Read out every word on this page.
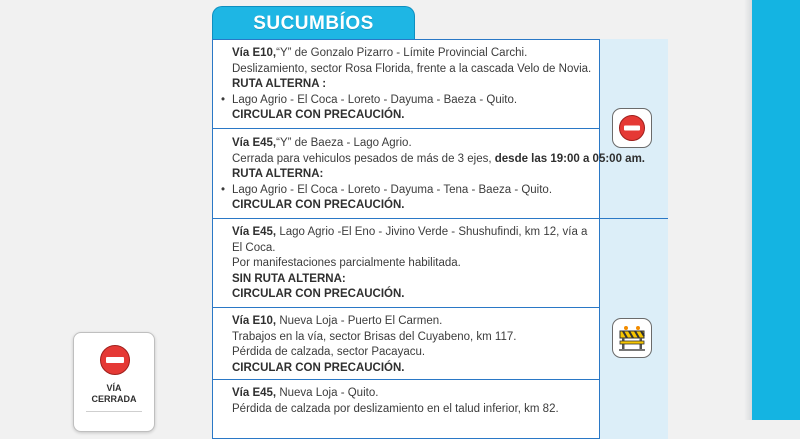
SUCUMBÍOS
Vía E10,“Y” de Gonzalo Pizarro - Límite Provincial Carchi.
Deslizamiento, sector Rosa Florida, frente a la cascada Velo de Novia.
RUTA ALTERNA :
• Lago Agrio - El Coca - Loreto - Dayuma - Baeza - Quito.
CIRCULAR CON PRECAUCIÓN.
Vía E45,“Y” de Baeza - Lago Agrio.
Cerrada para vehiculos pesados de más de 3 ejes, desde las 19:00 a 05:00 am.
RUTA ALTERNA:
• Lago Agrio - El Coca - Loreto - Dayuma - Tena - Baeza - Quito.
CIRCULAR CON PRECAUCIÓN.
Vía E45, Lago Agrio -El Eno - Jivino Verde - Shushufindi, km 12, vía a El Coca.
Por manifestaciones parcialmente habilitada.
SIN RUTA ALTERNA:
CIRCULAR CON PRECAUCIÓN.
Vía E10, Nueva Loja - Puerto El Carmen.
Trabajos en la vía, sector Brisas del Cuyabeno, km 117.
Pérdida de calzada, sector Pacayacu.
CIRCULAR CON PRECAUCIÓN.
Vía E45, Nueva Loja - Quito.
Pérdida de calzada por deslizamiento en el talud inferior, km 82.
VÍA
CERRADA
